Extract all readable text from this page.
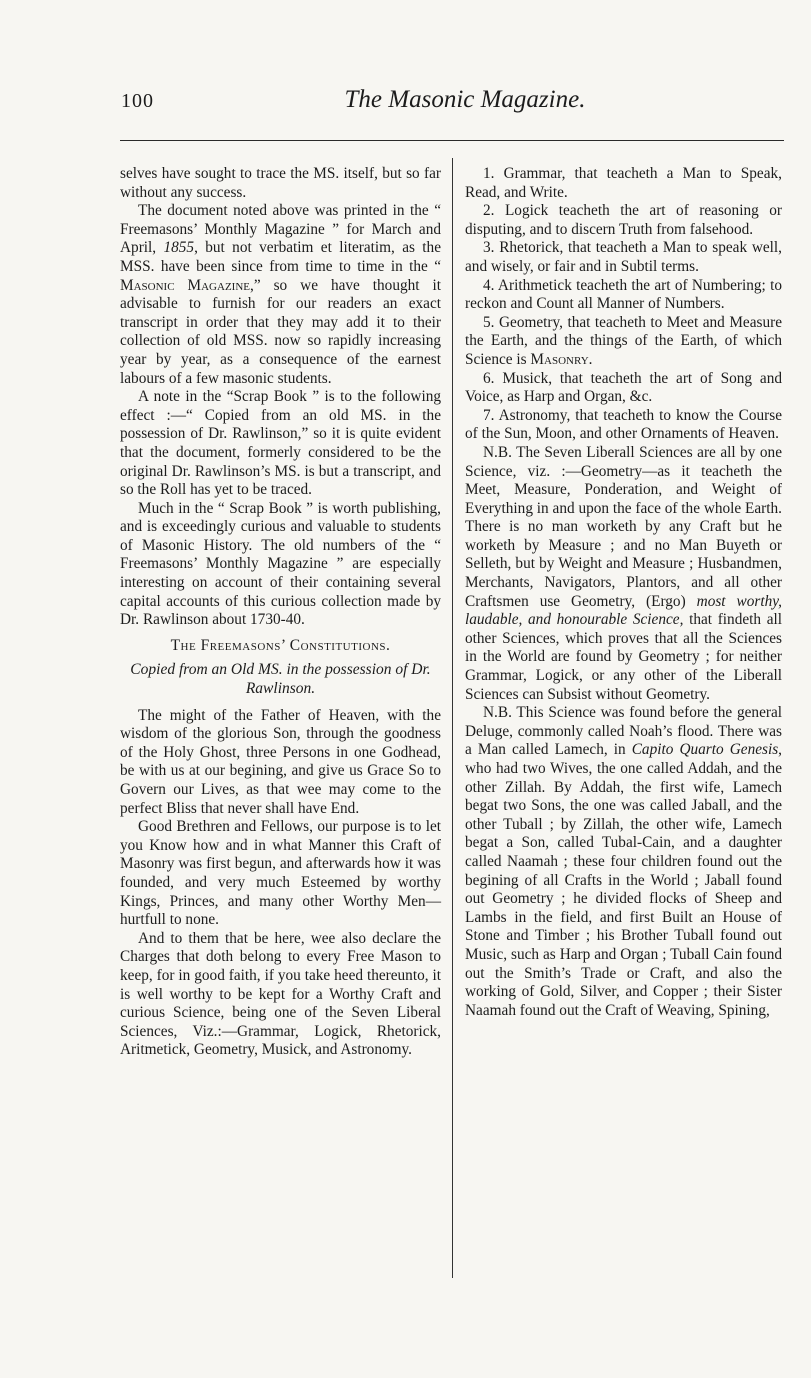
100	The Masonic Magazine.

selves have sought to trace the MS. itself, but so far without any success.

The document noted above was printed in the “ Freemasons’ Monthly Magazine ” for March and April, 1855, but not verbatim et literatim, as the MSS. have been since from time to time in the “ Masonic Magazine,” so we have thought it advisable to furnish for our readers an exact transcript in order that they may add it to their collection of old MSS. now so rapidly increasing year by year, as a consequence of the earnest labours of a few masonic students.

A note in the “Scrap Book ” is to the following effect :—“ Copied from an old MS. in the possession of Dr. Rawlinson,” so it is quite evident that the document, formerly considered to be the original Dr. Rawlinson’s MS. is but a transcript, and so the Roll has yet to be traced.

Much in the “ Scrap Book ” is worth publishing, and is exceedingly curious and valuable to students of Masonic History. The old numbers of the “ Freemasons’ Monthly Magazine ” are especially interesting on account of their containing several capital accounts of this curious collection made by Dr. Rawlinson about 1730-40.

The Freemasons’ Constitutions.

Copied from an Old MS. in the possession of Dr. Rawlinson.

The might of the Father of Heaven, with the wisdom of the glorious Son, through the goodness of the Holy Ghost, three Persons in one Godhead, be with us at our begining, and give us Grace So to Govern our Lives, as that wee may come to the perfect Bliss that never shall have End.

Good Brethren and Fellows, our purpose is to let you Know how and in what Manner this Craft of Masonry was first begun, and afterwards how it was founded, and very much Esteemed by worthy Kings, Princes, and many other Worthy Men—hurtfull to none.

And to them that be here, wee also declare the Charges that doth belong to every Free Mason to keep, for in good faith, if you take heed thereunto, it is well worthy to be kept for a Worthy Craft and curious Science, being one of the Seven Liberal Sciences, Viz.:—Grammar, Logick, Rhetorick, Aritmetick, Geometry, Musick, and Astronomy.

1. Grammar, that teacheth a Man to Speak, Read, and Write.

2. Logick teacheth the art of reasoning or disputing, and to discern Truth from falsehood.

3. Rhetorick, that teacheth a Man to speak well, and wisely, or fair and in Subtil terms.

4. Arithmetick teacheth the art of Numbering; to reckon and Count all Manner of Numbers.

5. Geometry, that teacheth to Meet and Measure the Earth, and the things of the Earth, of which Science is Masonry.

6. Musick, that teacheth the art of Song and Voice, as Harp and Organ, &c.

7. Astronomy, that teacheth to know the Course of the Sun, Moon, and other Ornaments of Heaven.

N.B. The Seven Liberall Sciences are all by one Science, viz. :—Geometry—as it teacheth the Meet, Measure, Ponderation, and Weight of Everything in and upon the face of the whole Earth. There is no man worketh by any Craft but he worketh by Measure ; and no Man Buyeth or Selleth, but by Weight and Measure ; Husbandmen, Merchants, Navigators, Plantors, and all other Craftsmen use Geometry, (Ergo) most worthy, laudable, and honourable Science, that findeth all other Sciences, which proves that all the Sciences in the World are found by Geometry ; for neither Grammar, Logick, or any other of the Liberall Sciences can Subsist without Geometry.

N.B. This Science was found before the general Deluge, commonly called Noah’s flood. There was a Man called Lamech, in Capito Quarto Genesis, who had two Wives, the one called Addah, and the other Zillah. By Addah, the first wife, Lamech begat two Sons, the one was called Jaball, and the other Tuball ; by Zillah, the other wife, Lamech begat a Son, called Tubal-Cain, and a daughter called Naamah ; these four children found out the begining of all Crafts in the World ; Jaball found out Geometry ; he divided flocks of Sheep and Lambs in the field, and first Built an House of Stone and Timber ; his Brother Tuball found out Music, such as Harp and Organ ; Tuball Cain found out the Smith’s Trade or Craft, and also the working of Gold, Silver, and Copper ; their Sister Naamah found out the Craft of Weaving, Spining,
